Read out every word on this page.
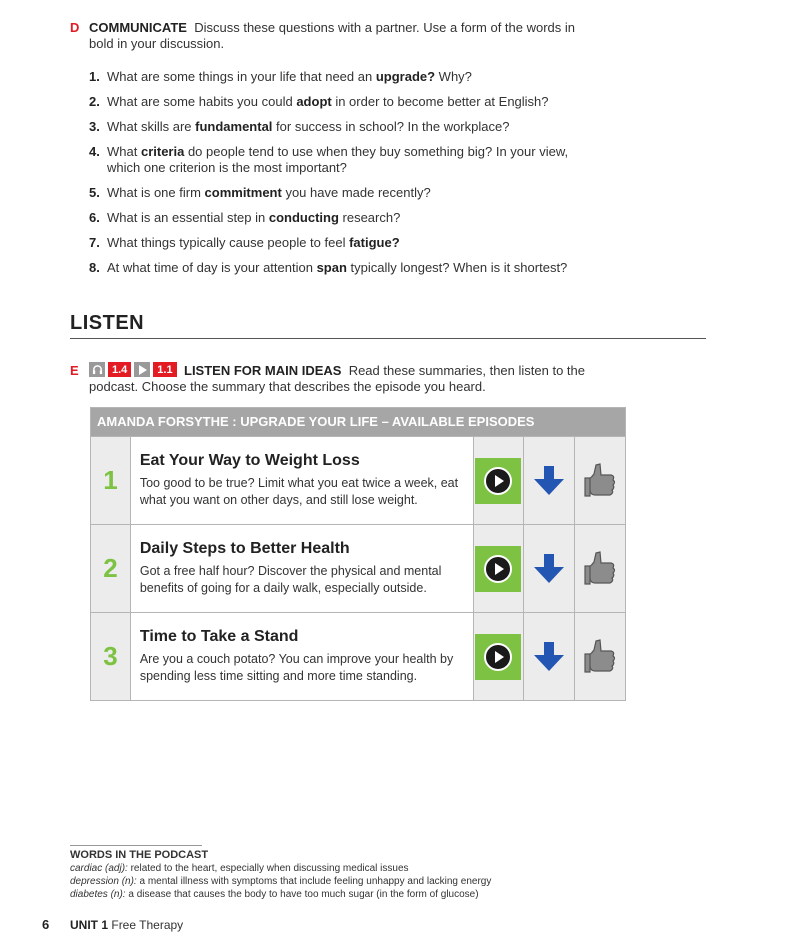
D COMMUNICATE Discuss these questions with a partner. Use a form of the words in bold in your discussion.
1. What are some things in your life that need an upgrade? Why?
2. What are some habits you could adopt in order to become better at English?
3. What skills are fundamental for success in school? In the workplace?
4. What criteria do people tend to use when they buy something big? In your view,
which one criterion is the most important?
5. What is one firm commitment you have made recently?
6. What is an essential step in conducting research?
7. What things typically cause people to feel fatigue?
8. At what time of day is your attention span typically longest? When is it shortest?
LISTEN
E	LISTEN FOR MAIN IDEAS Read these summaries, then listen to the podcast. Choose the summary that describes the episode you heard.
1.4	1.1
AMANDA FORSYTHE : UPGRADE YOUR LIFE – AVAILABLE EPISODES
1
Eat Your Way to Weight Loss
Too good to be true? Limit what you eat twice a week, eat what you want on other days, and still lose weight.
2
Daily Steps to Better Health
Got a free half hour? Discover the physical and mental benefits of going for a daily walk, especially outside.
3
Time to Take a Stand
Are you a couch potato? You can improve your health by spending less time sitting and more time standing.
WORDS IN THE PODCAST
cardiac (adj): related to the heart, especially when discussing medical issues
depression (n): a mental illness with symptoms that include feeling unhappy and lacking energy
diabetes (n): a disease that causes the body to have too much sugar (in the form of glucose)
6 UNIT 1 Free Therapy
